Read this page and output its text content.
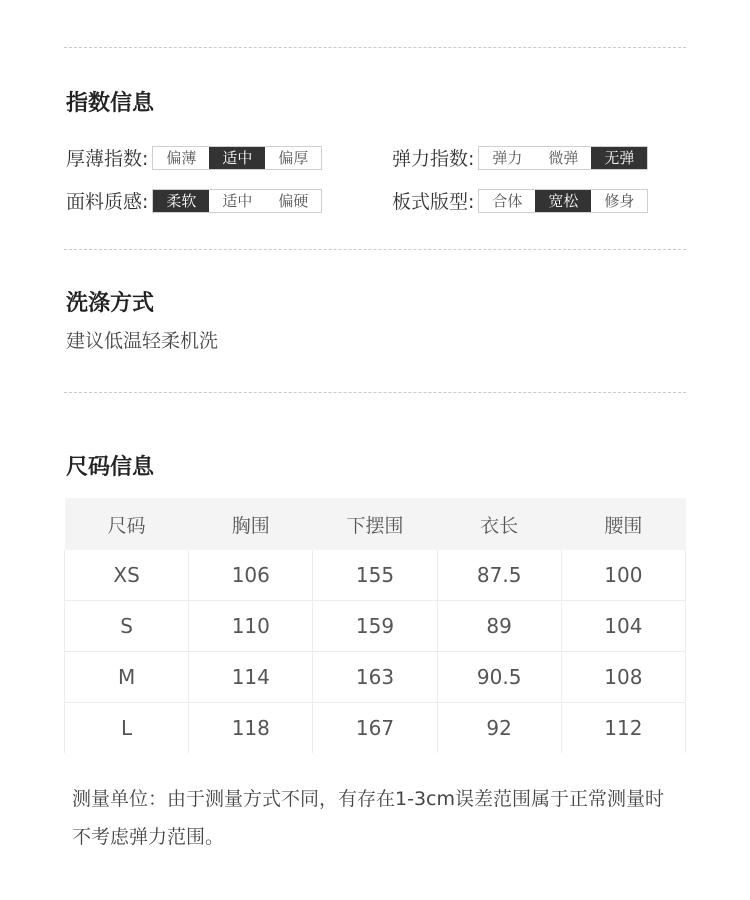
指数信息
厚薄指数:	偏薄	适中	偏厚	弹力指数:	弹力	微弹	无弹
面料质感:	柔软	适中	偏硬	板式版型:	合体	宽松	修身
洗涤方式
建议低温轻柔机洗
尺码信息
尺码	胸围	下摆围	衣长	腰围
XS	106	155	87.5	100
S	110	159	89	104
M	114	163	90.5	108
L	118	167	92	112
测量单位：由于测量方式不同，有存在1-3cm误差范围属于正常测量时不考虑弹力范围。
